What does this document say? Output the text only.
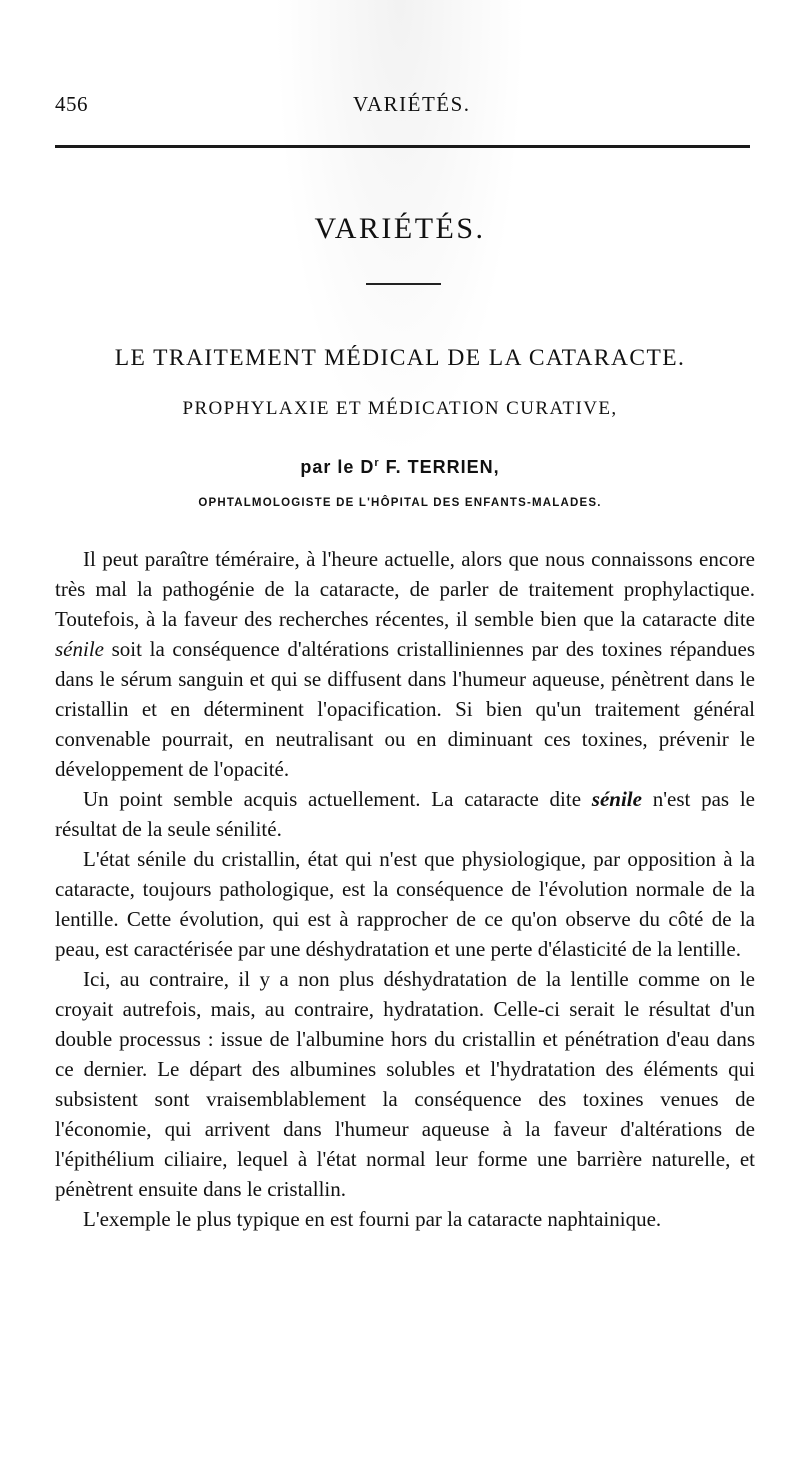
456	VARIÉTÉS.
VARIÉTÉS.
LE TRAITEMENT MÉDICAL DE LA CATARACTE.
PROPHYLAXIE ET MÉDICATION CURATIVE,
par le $D^r$ F. TERRIEN,
OPHTALMOLOGISTE DE L'HÔPITAL DES ENFANTS-MALADES.

Il peut paraître téméraire, à l'heure actuelle, alors que nous connaissons encore très mal la pathogénie de la cataracte, de parler de traitement prophylactique. Toutefois, à la faveur des recherches récentes, il semble bien que la cataracte dite sénile soit la conséquence d'altérations cristalliniennes par des toxines répandues dans le sérum sanguin et qui se diffusent dans l'humeur aqueuse, pénètrent dans le cristallin et en déterminent l'opacification. Si bien qu'un traitement général convenable pourrait, en neutralisant ou en diminuant ces toxines, prévenir le développement de l'opacité.

Un point semble acquis actuellement. La cataracte dite sénile n'est pas le résultat de la seule sénilité.

L'état sénile du cristallin, état qui n'est que physiologique, par opposition à la cataracte, toujours pathologique, est la conséquence de l'évolution normale de la lentille. Cette évolution, qui est à rapprocher de ce qu'on observe du côté de la peau, est caractérisée par une déshydratation et une perte d'élasticité de la lentille.

Ici, au contraire, il y a non plus déshydratation de la lentille comme on le croyait autrefois, mais, au contraire, hydratation. Celle-ci serait le résultat d'un double processus : issue de l'albumine hors du cristallin et pénétration d'eau dans ce dernier. Le départ des albumines solubles et l'hydratation des éléments qui subsistent sont vraisemblablement la conséquence des toxines venues de l'économie, qui arrivent dans l'humeur aqueuse à la faveur d'altérations de l'épithélium ciliaire, lequel à l'état normal leur forme une barrière naturelle, et pénètrent ensuite dans le cristallin.

L'exemple le plus typique en est fourni par la cataracte naphtainique.
